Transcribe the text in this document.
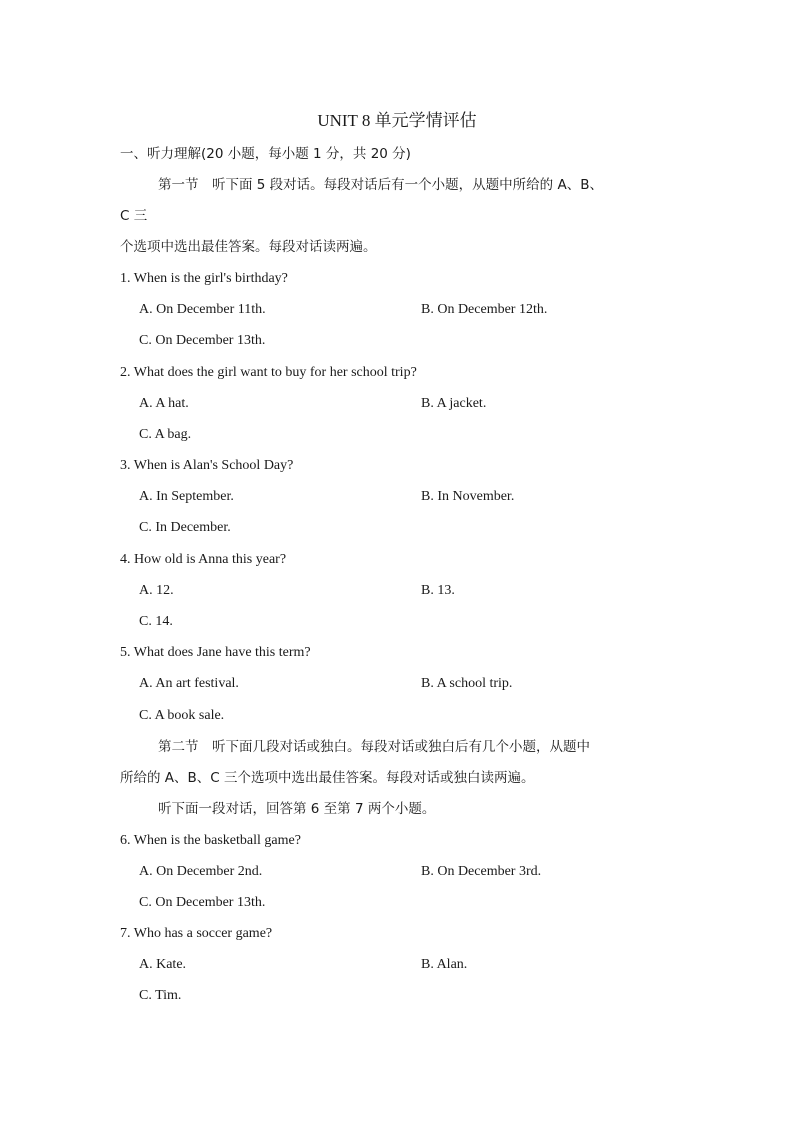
UNIT 8 单元学情评估
一、听力理解(20 小题，每小题 1 分，共 20 分)
第一节　 听下面 5 段对话。每段对话后有一个小题，从题中所给的 A、B、
C 三
个选项中选出最佳答案。每段对话读两遍。
1. When is the girl's birthday?
A. On December 11th.	B. On December 12th.
C. On December 13th.
2. What does the girl want to buy for her school trip?
A. A hat.	B. A jacket.
C. A bag.
3. When is Alan's School Day?
A. In September.	B. In November.
C. In December.
4. How old is Anna this year?
A. 12.	B. 13.
C. 14.
5. What does Jane have this term?
A. An art festival.	B. A school trip.
C. A book sale.
第二节　 听下面几段对话或独白。每段对话或独白后有几个小题，从题中
所给的 A、B、C 三个选项中选出最佳答案。每段对话或独白读两遍。
听下面一段对话，回答第 6 至第 7 两个小题。
6. When is the basketball game?
A. On December 2nd.	B. On December 3rd.
C. On December 13th.
7. Who has a soccer game?
A. Kate.	B. Alan.
C. Tim.
